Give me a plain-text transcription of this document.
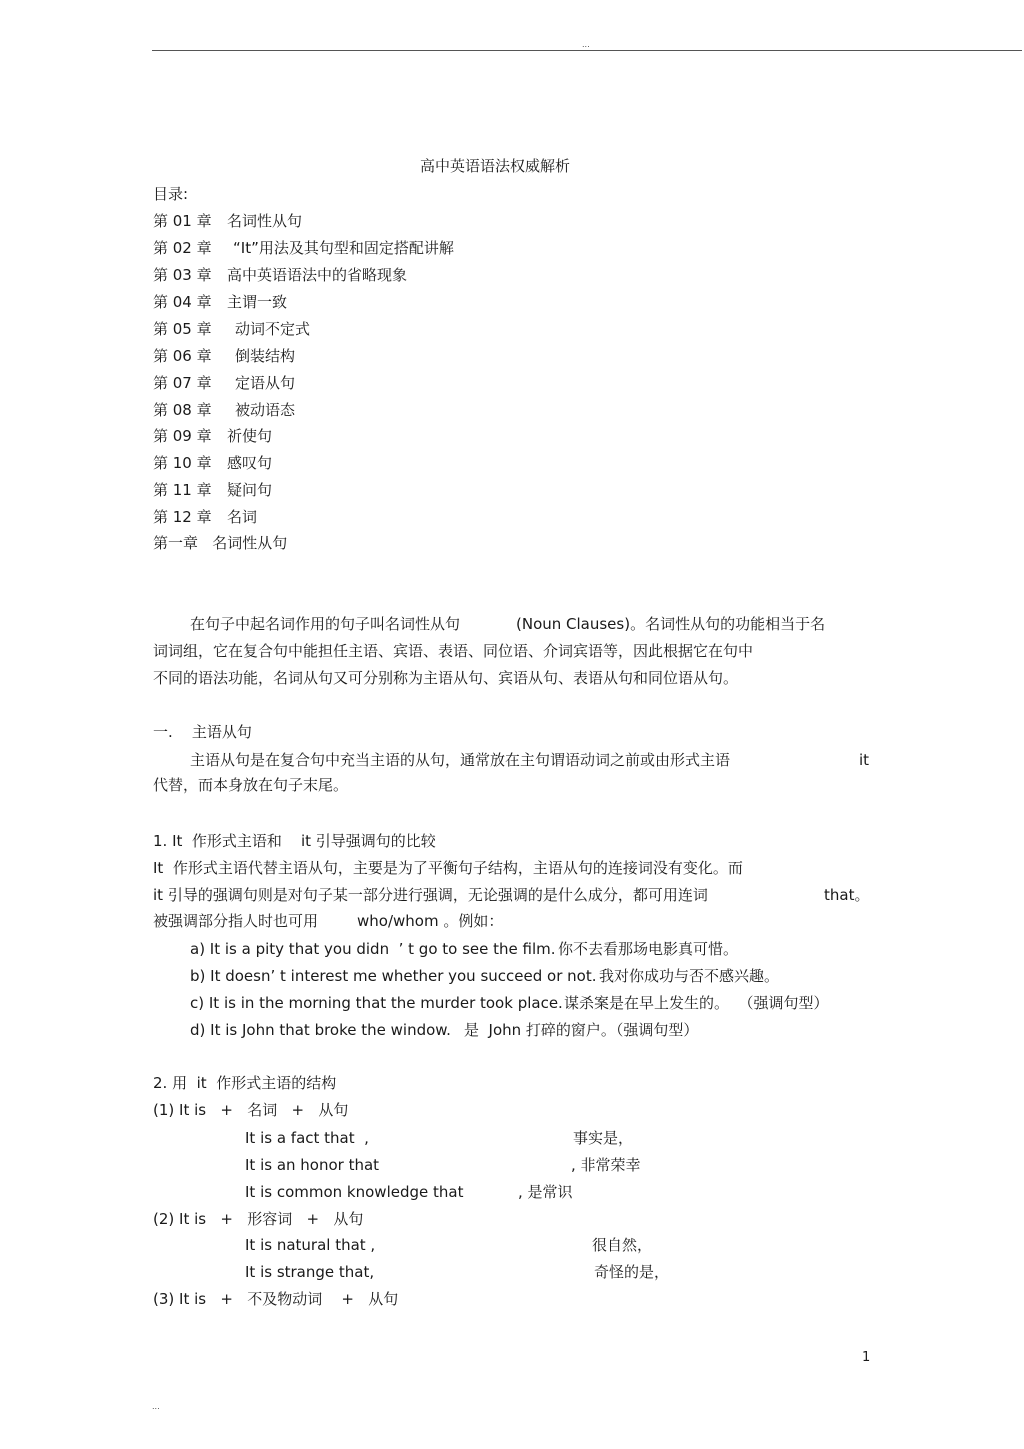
...
高中英语语法权威解析
目录:
第 01 章 名词性从句
第 02 章 “It”用法及其句型和固定搭配讲解
第 03 章 高中英语语法中的省略现象
第 04 章 主谓一致
第 05 章 动词不定式
第 06 章 倒装结构
第 07 章 定语从句
第 08 章 被动语态
第 09 章 祈使句
第 10 章 感叹句
第 11 章 疑问句
第 12 章 名词
第一章   名词性从句
在句子中起名词作用的句子叫名词性从句	(Noun Clauses)。名词性从句的功能相当于名
词词组，它在复合句中能担任主语、宾语、表语、同位语、介词宾语等，因此根据它在句中
不同的语法功能，名词从句又可分别称为主语从句、宾语从句、表语从句和同位语从句。
一.    主语从句
主语从句是在复合句中充当主语的从句，通常放在主句谓语动词之前或由形式主语	it
代替，而本身放在句子末尾。
1. It  作形式主语和    it 引导强调句的比较
It  作形式主语代替主语从句，主要是为了平衡句子结构，主语从句的连接词没有变化。而
it 引导的强调句则是对句子某一部分进行强调，无论强调的是什么成分，都可用连词	that。
被强调部分指人时也可用	who/whom 。例如：
a) It is a pity that you didn  ’ t go to see the film. 你不去看那场电影真可惜。
b) It doesn’ t interest me whether you succeed or not. 我对你成功与否不感兴趣。
c) It is in the morning that the murder took place. 谋杀案是在早上发生的。  （强调句型）
d) It is John that broke the window. 是  John 打碎的窗户。（强调句型）
2. 用  it  作形式主语的结构
(1) It is   +   名词   +   从句
It is a fact that  ,	事实是，
It is an honor that	, 非常荣幸
It is common knowledge that	, 是常识
(2) It is   +   形容词   +   从句
It is natural that ,	很自然，
It is strange that,	奇怪的是，
(3) It is   +   不及物动词    +   从句
1
...
